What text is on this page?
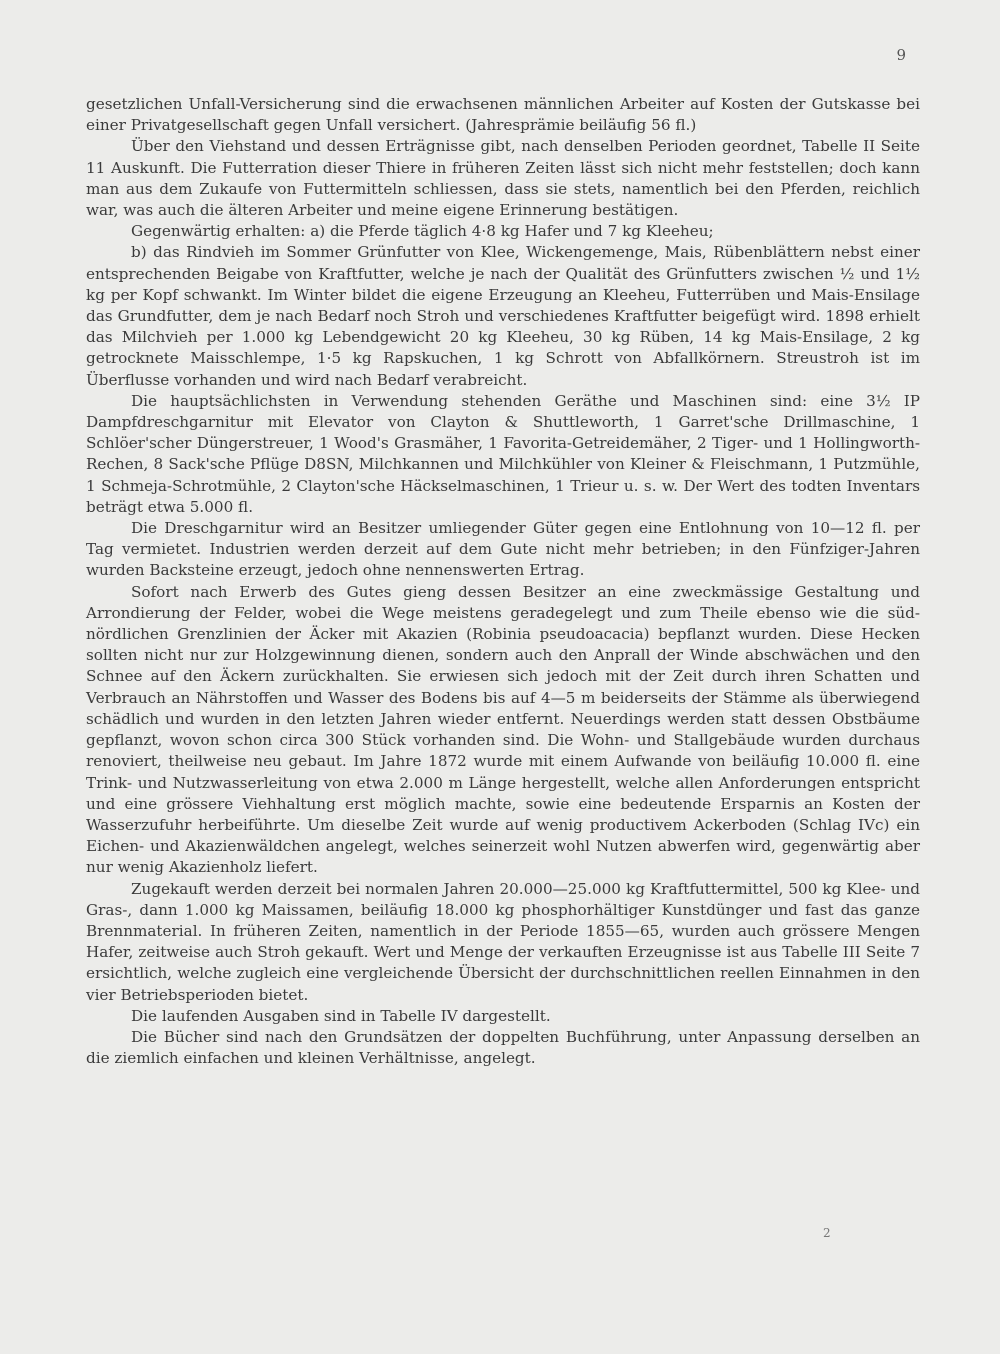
9

gesetzlichen Unfall-Versicherung sind die erwachsenen männlichen Arbeiter auf Kosten der Gutskasse bei einer Privatgesellschaft gegen Unfall versichert. (Jahresprämie beiläufig 56 fl.)

Über den Viehstand und dessen Erträgnisse gibt, nach denselben Perioden geordnet, Tabelle II Seite 11 Auskunft. Die Futterration dieser Thiere in früheren Zeiten lässt sich nicht mehr feststellen; doch kann man aus dem Zukaufe von Futtermitteln schliessen, dass sie stets, namentlich bei den Pferden, reichlich war, was auch die älteren Arbeiter und meine eigene Erinnerung bestätigen.

Gegenwärtig erhalten: a) die Pferde täglich 4·8 kg Hafer und 7 kg Kleeheu;

b) das Rindvieh im Sommer Grünfutter von Klee, Wickengemenge, Mais, Rübenblättern nebst einer entsprechenden Beigabe von Kraftfutter, welche je nach der Qualität des Grünfutters zwischen ½ und 1½ kg per Kopf schwankt. Im Winter bildet die eigene Erzeugung an Kleeheu, Futterrüben und Mais-Ensilage das Grundfutter, dem je nach Bedarf noch Stroh und verschiedenes Kraftfutter beigefügt wird. 1898 erhielt das Milchvieh per 1.000 kg Lebendgewicht 20 kg Kleeheu, 30 kg Rüben, 14 kg Mais-Ensilage, 2 kg getrocknete Maisschlempe, 1·5 kg Rapskuchen, 1 kg Schrott von Abfallkörnern. Streustroh ist im Überflusse vorhanden und wird nach Bedarf verabreicht.

Die hauptsächlichsten in Verwendung stehenden Geräthe und Maschinen sind: eine 3½ IP Dampfdreschgarnitur mit Elevator von Clayton & Shuttleworth, 1 Garret'sche Drillmaschine, 1 Schlöer'scher Düngerstreuer, 1 Wood's Grasmäher, 1 Favorita-Getreidemäher, 2 Tiger- und 1 Hollingworth-Rechen, 8 Sack'sche Pflüge D8SN, Milchkannen und Milchkühler von Kleiner & Fleischmann, 1 Putzmühle, 1 Schmeja-Schrotmühle, 2 Clayton'sche Häckselmaschinen, 1 Trieur u. s. w. Der Wert des todten Inventars beträgt etwa 5.000 fl.

Die Dreschgarnitur wird an Besitzer umliegender Güter gegen eine Entlohnung von 10—12 fl. per Tag vermietet. Industrien werden derzeit auf dem Gute nicht mehr betrieben; in den Fünfziger-Jahren wurden Backsteine erzeugt, jedoch ohne nennenswerten Ertrag.

Sofort nach Erwerb des Gutes gieng dessen Besitzer an eine zweckmässige Gestaltung und Arrondierung der Felder, wobei die Wege meistens geradegelegt und zum Theile ebenso wie die süd-nördlichen Grenzlinien der Äcker mit Akazien (Robinia pseudoacacia) bepflanzt wurden. Diese Hecken sollten nicht nur zur Holzgewinnung dienen, sondern auch den Anprall der Winde abschwächen und den Schnee auf den Äckern zurückhalten. Sie erwiesen sich jedoch mit der Zeit durch ihren Schatten und Verbrauch an Nährstoffen und Wasser des Bodens bis auf 4—5 m beiderseits der Stämme als überwiegend schädlich und wurden in den letzten Jahren wieder entfernt. Neuerdings werden statt dessen Obstbäume gepflanzt, wovon schon circa 300 Stück vorhanden sind. Die Wohn- und Stallgebäude wurden durchaus renoviert, theilweise neu gebaut. Im Jahre 1872 wurde mit einem Aufwande von beiläufig 10.000 fl. eine Trink- und Nutzwasserleitung von etwa 2.000 m Länge hergestellt, welche allen Anforderungen entspricht und eine grössere Viehhaltung erst möglich machte, sowie eine bedeutende Ersparnis an Kosten der Wasserzufuhr herbeiführte. Um dieselbe Zeit wurde auf wenig productivem Ackerboden (Schlag IVc) ein Eichen- und Akazienwäldchen angelegt, welches seinerzeit wohl Nutzen abwerfen wird, gegenwärtig aber nur wenig Akazienholz liefert.

Zugekauft werden derzeit bei normalen Jahren 20.000—25.000 kg Kraftfuttermittel, 500 kg Klee- und Gras-, dann 1.000 kg Maissamen, beiläufig 18.000 kg phosphorhältiger Kunstdünger und fast das ganze Brennmaterial. In früheren Zeiten, namentlich in der Periode 1855—65, wurden auch grössere Mengen Hafer, zeitweise auch Stroh gekauft. Wert und Menge der verkauften Erzeugnisse ist aus Tabelle III Seite 7 ersichtlich, welche zugleich eine vergleichende Übersicht der durchschnittlichen reellen Einnahmen in den vier Betriebsperioden bietet.

Die laufenden Ausgaben sind in Tabelle IV dargestellt.

Die Bücher sind nach den Grundsätzen der doppelten Buchführung, unter Anpassung derselben an die ziemlich einfachen und kleinen Verhältnisse, angelegt.

2
